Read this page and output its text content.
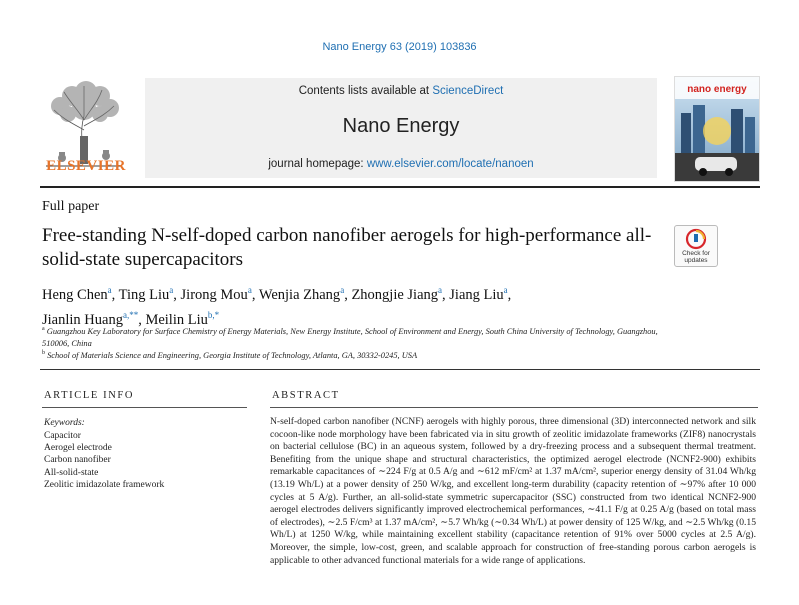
Nano Energy 63 (2019) 103836
ELSEVIER
Contents lists available at ScienceDirect
Nano Energy
journal homepage: www.elsevier.com/locate/nanoen
nano energy
Full paper
Free-standing N-self-doped carbon nanofiber aerogels for high-performance all-solid-state supercapacitors	Check for updates
Heng Chen$^a$, Ting Liu$^a$, Jirong Mou$^a$, Wenjia Zhang$^a$, Zhongjie Jiang$^a$, Jiang Liu$^a$,
Jianlin Huang$^{a,**}$, Meilin Liu$^{b,*}$
$^a$ Guangzhou Key Laboratory for Surface Chemistry of Energy Materials, New Energy Institute, School of Environment and Energy, South China University of Technology, Guangzhou, 510006, China
$^b$ School of Materials Science and Engineering, Georgia Institute of Technology, Atlanta, GA, 30332-0245, USA
ARTICLE INFO
Keywords:
Capacitor
Aerogel electrode
Carbon nanofiber
All-solid-state
Zeolitic imidazolate framework
ABSTRACT
N-self-doped carbon nanofiber (NCNF) aerogels with highly porous, three dimensional (3D) interconnected network and silk cocoon-like node morphology have been fabricated via in situ growth of zeolitic imidazolate frameworks (ZIF8) nanocrystals on bacterial cellulose (BC) in an aqueous system, followed by a dry-freezing process and a subsequent thermal treatment. Benefiting from the unique shape and structural characteristics, the optimized aerogel electrode (NCNF2-900) exhibits remarkable capacitances of ∼224 F/g at 0.5 A/g and ∼612 mF/cm² at 1.37 mA/cm², superior energy density of 31.04 Wh/kg (13.19 Wh/L) at a power density of 250 W/kg, and excellent long-term durability (capacity retention of ∼97% after 10 000 cycles at 5 A/g). Further, an all-solid-state symmetric supercapacitor (SSC) constructed from two identical NCNF2-900 aerogel electrodes delivers significantly improved electrochemical performances, ∼41.1 F/g at 0.25 A/g (based on total mass of electrodes), ∼2.5 F/cm³ at 1.37 mA/cm², ∼5.7 Wh/kg (∼0.34 Wh/L) at power density of 125 W/kg, and ∼2.5 Wh/kg (0.15 Wh/L) at 1250 W/kg, while maintaining excellent stability (capacitance retention of 91% over 5000 cycles at 2.5 A/g). Moreover, the simple, low-cost, green, and scalable approach for construction of free-standing porous carbon aerogels is applicable to other advanced functional materials for a wide range of applications.
